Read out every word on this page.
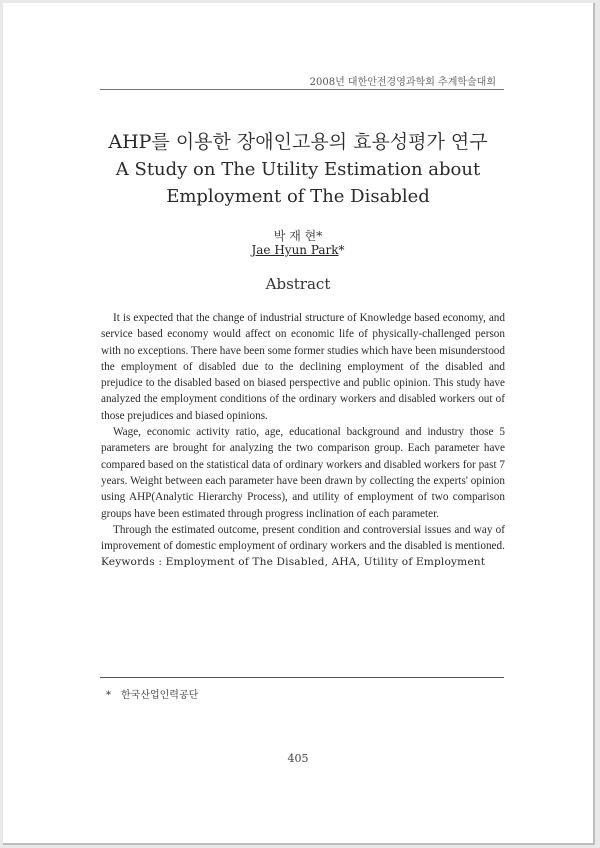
2008년 대한안전경영과학회 추계학술대회
AHP를 이용한 장애인고용의 효용성평가 연구
A Study on The Utility Estimation about
Employment of The Disabled
박 재 현*
Jae Hyun Park*
Abstract

It is expected that the change of industrial structure of Knowledge based economy, and service based economy would affect on economic life of physically-challenged person with no exceptions. There have been some former studies which have been misunderstood the employment of disabled due to the declining employment of the disabled and prejudice to the disabled based on biased perspective and public opinion. This study have analyzed the employment conditions of the ordinary workers and disabled workers out of those prejudices and biased opinions.

Wage, economic activity ratio, age, educational background and industry those 5 parameters are brought for analyzing the two comparison group. Each parameter have compared based on the statistical data of ordinary workers and disabled workers for past 7 years. Weight between each parameter have been drawn by collecting the experts' opinion using AHP(Analytic Hierarchy Process), and utility of employment of two comparison groups have been estimated through progress inclination of each parameter.

Through the estimated outcome, present condition and controversial issues and way of improvement of domestic employment of ordinary workers and the disabled is mentioned.

Keywords : Employment of The Disabled, AHA, Utility of Employment
* 한국산업인력공단
405
